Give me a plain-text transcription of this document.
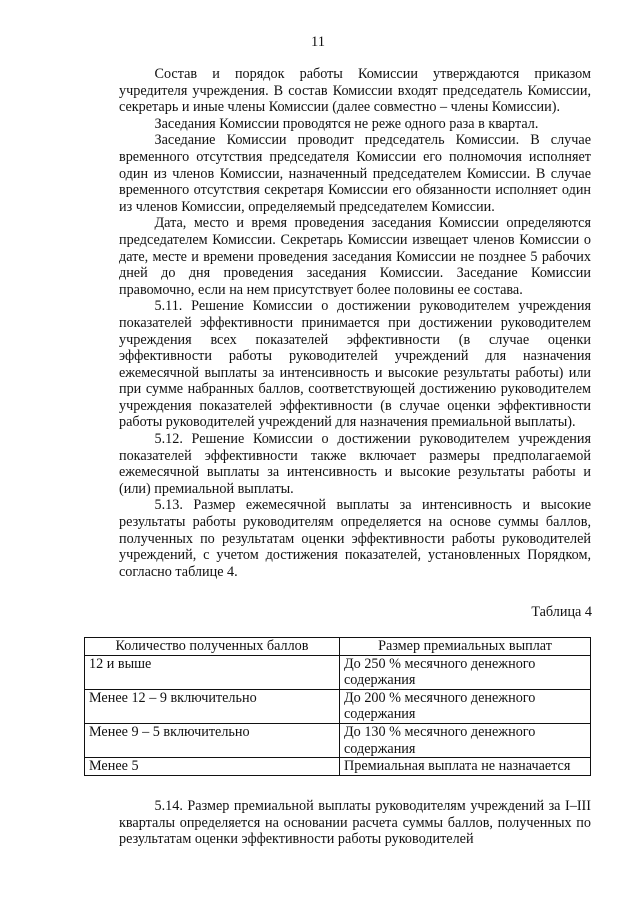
11

Состав и порядок работы Комиссии утверждаются приказом учредителя учреждения. В состав Комиссии входят председатель Комиссии, секретарь и иные члены Комиссии (далее совместно – члены Комиссии).

Заседания Комиссии проводятся не реже одного раза в квартал.

Заседание Комиссии проводит председатель Комиссии. В случае временного отсутствия председателя Комиссии его полномочия исполняет один из членов Комиссии, назначенный председателем Комиссии. В случае временного отсутствия секретаря Комиссии его обязанности исполняет один из членов Комиссии, определяемый председателем Комиссии.

Дата, место и время проведения заседания Комиссии определяются председателем Комиссии. Секретарь Комиссии извещает членов Комиссии о дате, месте и времени проведения заседания Комиссии не позднее 5 рабочих дней до дня проведения заседания Комиссии. Заседание Комиссии правомочно, если на нем присутствует более половины ее состава.

5.11. Решение Комиссии о достижении руководителем учреждения показателей эффективности принимается при достижении руководителем учреждения всех показателей эффективности (в случае оценки эффективности работы руководителей учреждений для назначения ежемесячной выплаты за интенсивность и высокие результаты работы) или при сумме набранных баллов, соответствующей достижению руководителем учреждения показателей эффективности (в случае оценки эффективности работы руководителей учреждений для назначения премиальной выплаты).

5.12. Решение Комиссии о достижении руководителем учреждения показателей эффективности также включает размеры предполагаемой ежемесячной выплаты за интенсивность и высокие результаты работы и (или) премиальной выплаты.

5.13. Размер ежемесячной выплаты за интенсивность и высокие результаты работы руководителям определяется на основе суммы баллов, полученных по результатам оценки эффективности работы руководителей учреждений, с учетом достижения показателей, установленных Порядком, согласно таблице 4.

Таблица 4
Количество полученных баллов	Размер премиальных выплат
12 и выше	До 250 % месячного денежного содержания
Менее 12 – 9 включительно	До 200 % месячного денежного содержания
Менее 9 – 5 включительно	До 130 % месячного денежного содержания
Менее 5	Премиальная выплата не назначается

5.14. Размер премиальной выплаты руководителям учреждений за I–III кварталы определяется на основании расчета суммы баллов, полученных по результатам оценки эффективности работы руководителей
